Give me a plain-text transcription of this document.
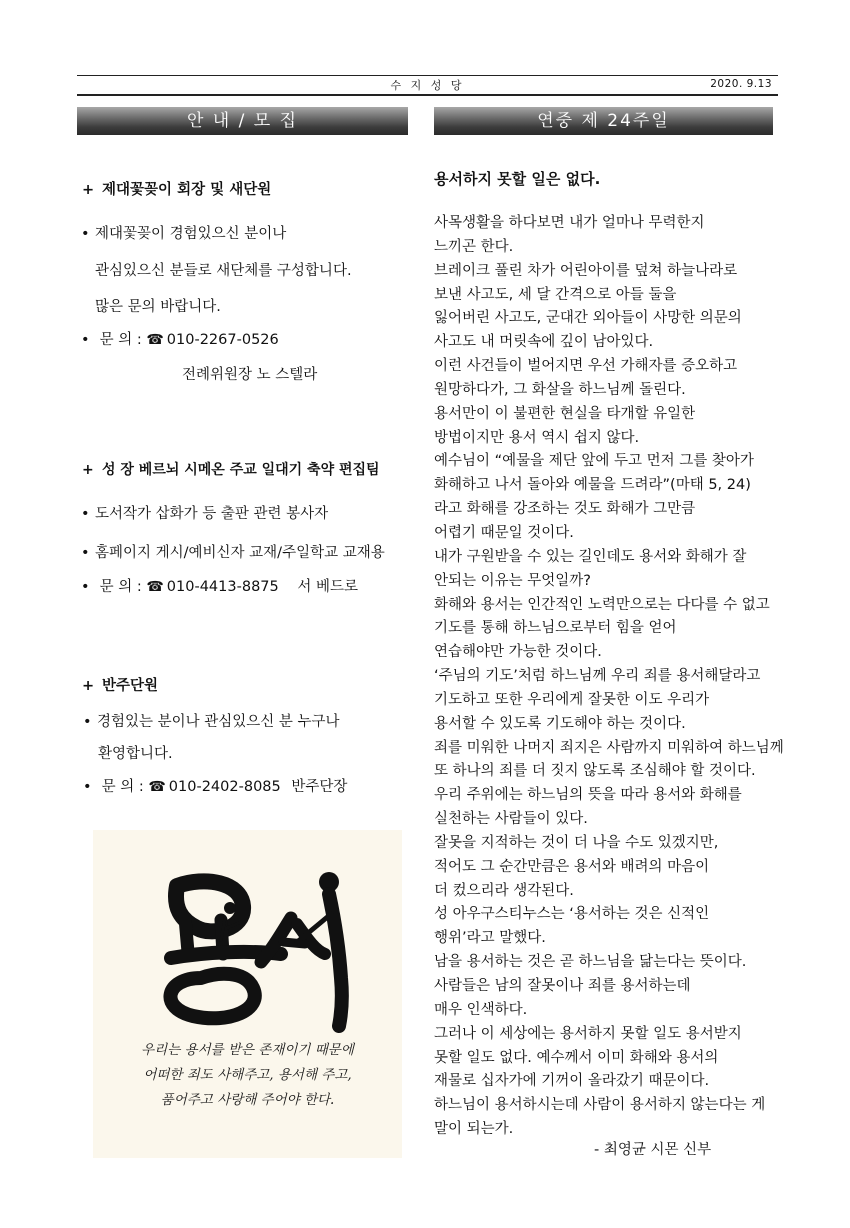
수 지 성 당	2020. 9.13
안 내 / 모 집	연중 제 24주일
+ 제대꽃꽂이 회장 및 새단원
• 제대꽃꽂이 경험있으신 분이나
관심있으신 분들로 새단체를 구성합니다.
많은 문의 바랍니다.
• 문 의 : ☎ 010-2267-0526
전례위원장 노 스텔라
+ 성 장 베르뇌 시메온 주교 일대기 축약 편집팀
• 도서작가 삽화가 등 출판 관련 봉사자
• 홈페이지 게시/예비신자 교재/주일학교 교재용
• 문 의 : ☎ 010-4413-8875 서 베드로
+ 반주단원
• 경험있는 분이나 관심있으신 분 누구나
환영합니다.
• 문 의 : ☎ 010-2402-8085 반주단장
우리는 용서를 받은 존재이기 때문에
어떠한 죄도 사해주고, 용서해 주고,
품어주고 사랑해 주어야 한다.
용서하지 못할 일은 없다.
사목생활을 하다보면 내가 얼마나 무력한지
느끼곤 한다.
브레이크 풀린 차가 어린아이를 덮쳐 하늘나라로
보낸 사고도, 세 달 간격으로 아들 둘을
잃어버린 사고도, 군대간 외아들이 사망한 의문의
사고도 내 머릿속에 깊이 남아있다.
이런 사건들이 벌어지면 우선 가해자를 증오하고
원망하다가, 그 화살을 하느님께 돌린다.
용서만이 이 불편한 현실을 타개할 유일한
방법이지만 용서 역시 쉽지 않다.
예수님이 “예물을 제단 앞에 두고 먼저 그를 찾아가
화해하고 나서 돌아와 예물을 드려라”(마태 5, 24)
라고 화해를 강조하는 것도 화해가 그만큼
어렵기 때문일 것이다.
내가 구원받을 수 있는 길인데도 용서와 화해가 잘
안되는 이유는 무엇일까?
화해와 용서는 인간적인 노력만으로는 다다를 수 없고
기도를 통해 하느님으로부터 힘을 얻어
연습해야만 가능한 것이다.
‘주님의 기도’처럼 하느님께 우리 죄를 용서해달라고
기도하고 또한 우리에게 잘못한 이도 우리가
용서할 수 있도록 기도해야 하는 것이다.
죄를 미워한 나머지 죄지은 사람까지 미워하여 하느님께
또 하나의 죄를 더 짓지 않도록 조심해야 할 것이다.
우리 주위에는 하느님의 뜻을 따라 용서와 화해를
실천하는 사람들이 있다.
잘못을 지적하는 것이 더 나을 수도 있겠지만,
적어도 그 순간만큼은 용서와 배려의 마음이
더 컸으리라 생각된다.
성 아우구스티누스는 ‘용서하는 것은 신적인
행위’라고 말했다.
남을 용서하는 것은 곧 하느님을 닮는다는 뜻이다.
사람들은 남의 잘못이나 죄를 용서하는데
매우 인색하다.
그러나 이 세상에는 용서하지 못할 일도 용서받지
못할 일도 없다. 예수께서 이미 화해와 용서의
재물로 십자가에 기꺼이 올라갔기 때문이다.
하느님이 용서하시는데 사람이 용서하지 않는다는 게
말이 되는가.
- 최영균 시몬 신부
